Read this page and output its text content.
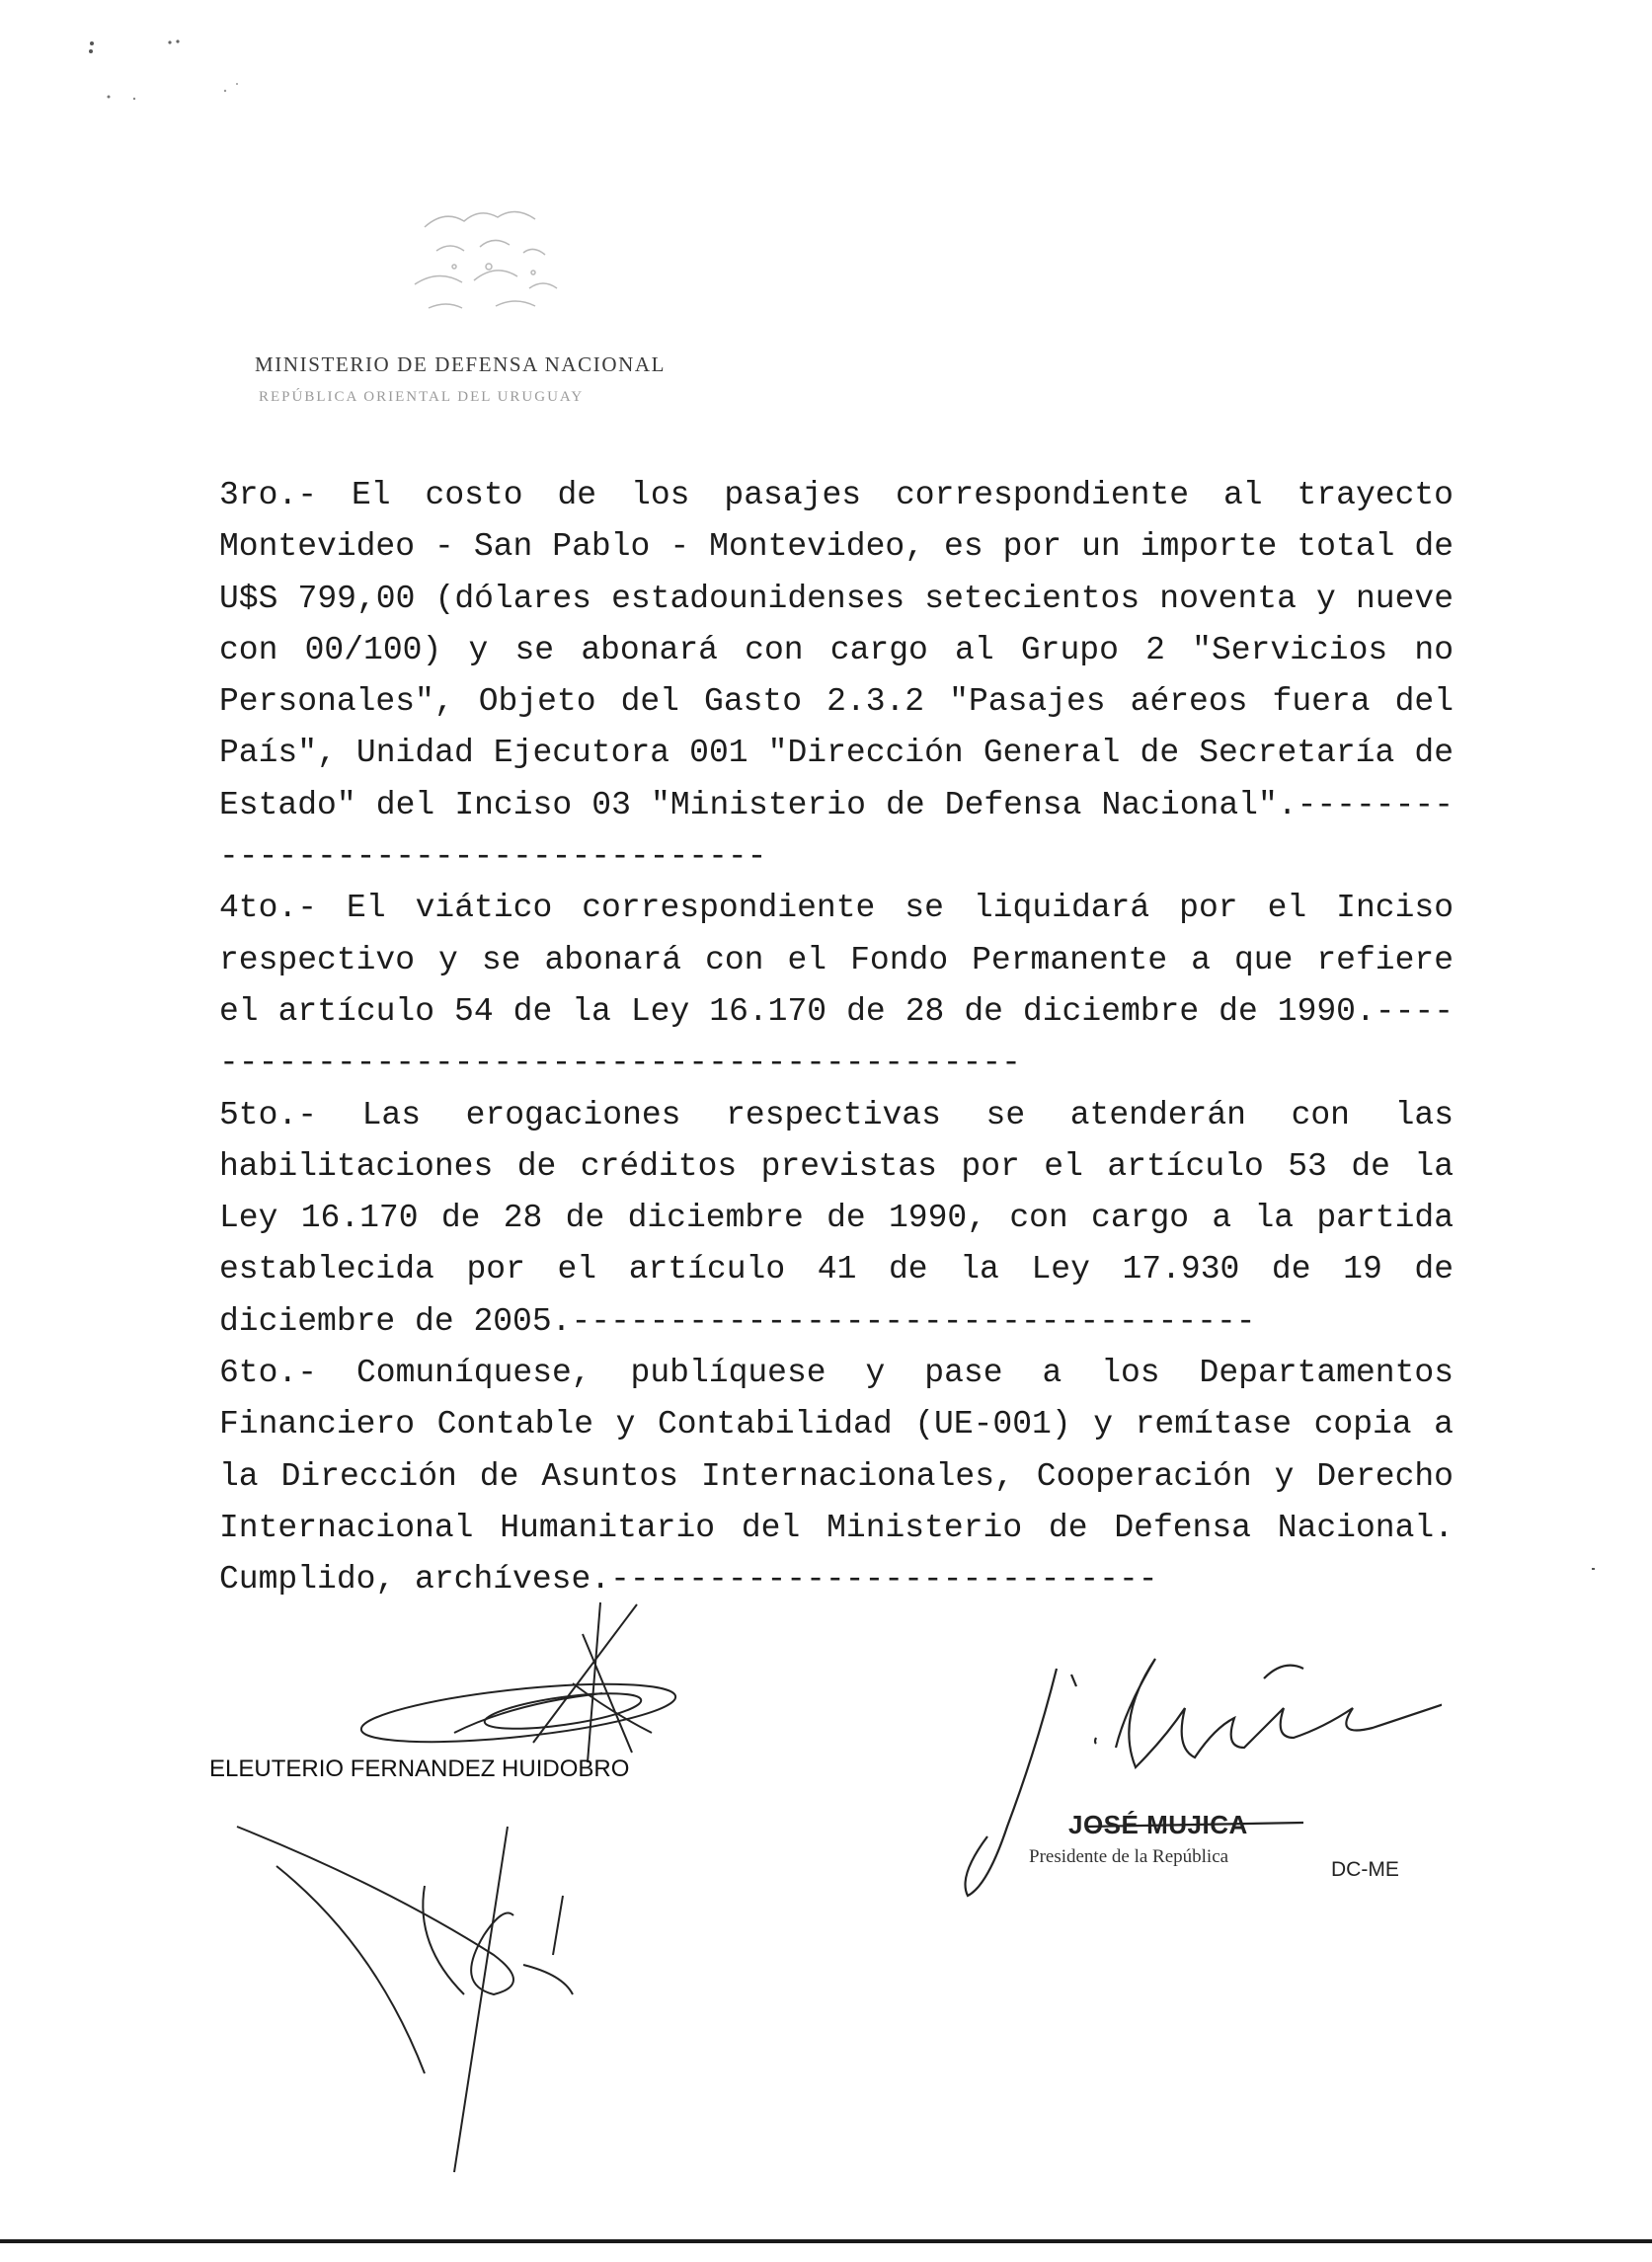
MINISTERIO DE DEFENSA NACIONAL
REPÚBLICA ORIENTAL DEL URUGUAY
3ro.- El costo de los pasajes correspondiente al trayecto Montevideo - San Pablo - Montevideo, es por un importe total de U$S 799,00 (dólares estadounidenses setecientos noventa y nueve con 00/100) y se abonará con cargo al Grupo 2 "Servicios no Personales", Objeto del Gasto 2.3.2 "Pasajes aéreos fuera del País", Unidad Ejecutora 001 "Dirección General de Secretaría de Estado" del Inciso 03 "Ministerio de Defensa Nacional".------------------------------------
4to.- El viático correspondiente se liquidará por el Inciso respectivo y se abonará con el Fondo Permanente a que refiere el artículo 54 de la Ley 16.170 de 28 de diciembre de 1990.---------------------------------------------
5to.- Las erogaciones respectivas se atenderán con las habilitaciones de créditos previstas por el artículo 53 de la Ley 16.170 de 28 de diciembre de 1990, con cargo a la partida establecida por el artículo 41 de la Ley 17.930 de 19 de diciembre de 2005.-----------------------------------
6to.- Comuníquese, publíquese y pase a los Departamentos Financiero Contable y Contabilidad (UE-001) y remítase copia a la Dirección de Asuntos Internacionales, Cooperación y Derecho Internacional Humanitario del Ministerio de Defensa Nacional. Cumplido, archívese.----------------------------
ELEUTERIO FERNANDEZ HUIDOBRO
JOSÉ MUJICA
Presidente de la República
DC-ME
